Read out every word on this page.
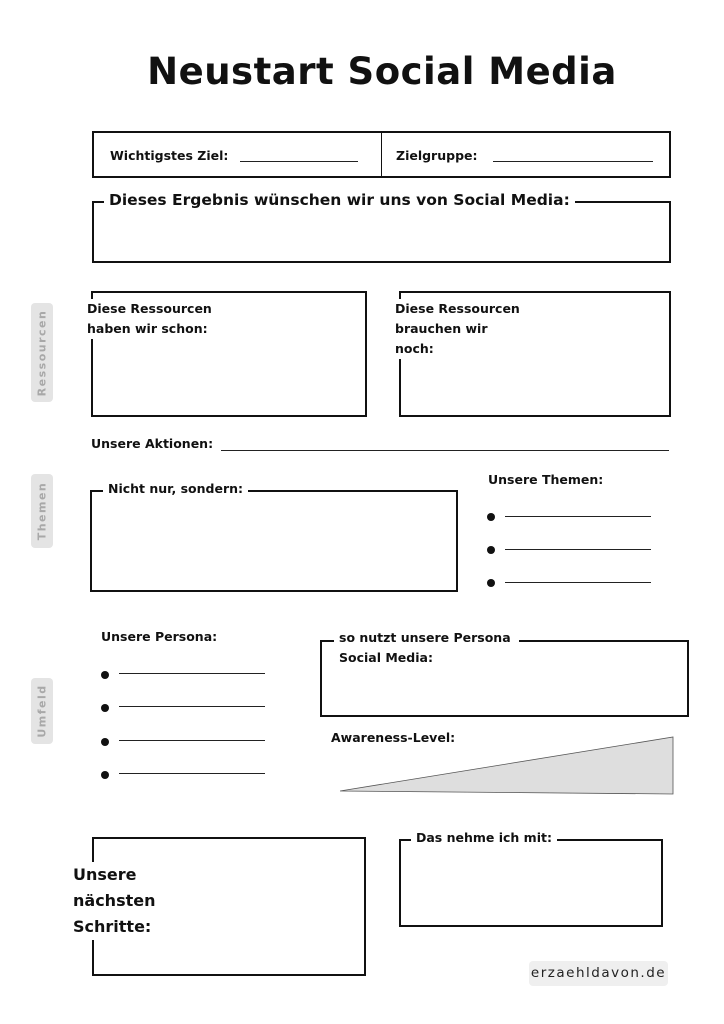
Neustart Social Media
Wichtigstes Ziel:	Zielgruppe:
Dieses Ergebnis wünschen wir uns von Social Media:
Ressourcen
Diese Ressourcen haben wir schon:
Diese Ressourcen brauchen wir noch:
Unsere Aktionen:
Themen	Nicht nur, sondern:
Unsere Themen:
Umfeld
Unsere Persona:	so nutzt unsere Persona Social Media:
Awareness-Level:
Unsere
nächsten
Schritte:
Das nehme ich mit:
erzaehldavon.de
